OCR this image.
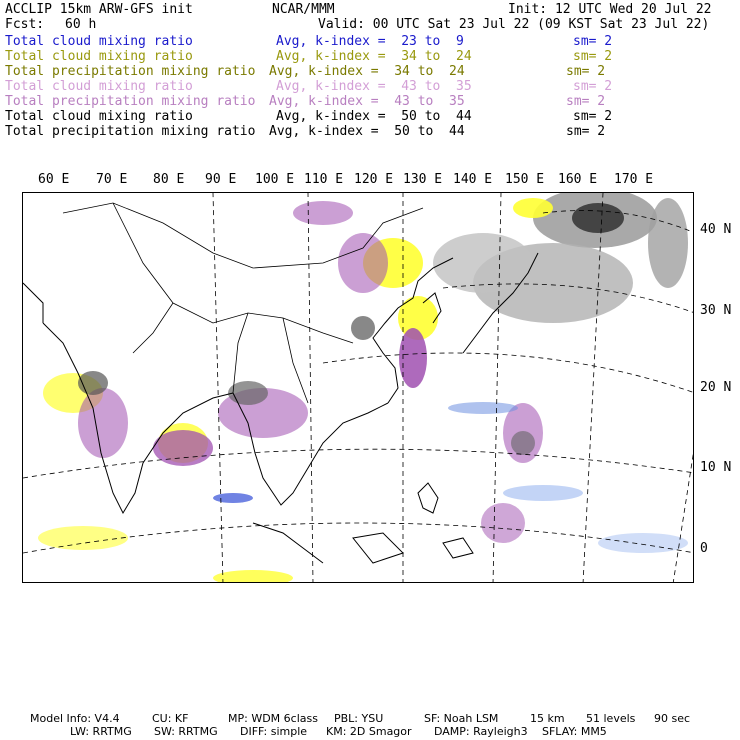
ACCLIP 15km ARW-GFS init	NCAR/MMM	Init: 12 UTC Wed 20 Jul 22
Fcst: 60 h	Valid: 00 UTC Sat 23 Jul 22 (09 KST Sat 23 Jul 22)
Total cloud mixing ratio	Avg, k-index =  23 to  9	sm= 2
Total cloud mixing ratio	Avg, k-index =  34 to  24	sm= 2
Total precipitation mixing ratio Avg, k-index =  34 to  24	sm= 2
Total cloud mixing ratio	Avg, k-index =  43 to  35	sm= 2
Total precipitation mixing ratio Avg, k-index =  43 to  35	sm= 2
Total cloud mixing ratio	Avg, k-index =  50 to  44	sm= 2
Total precipitation mixing ratio Avg, k-index =  50 to  44	sm= 2
60 E 70 E 80 E 90 E 100 E 110 E 120 E 130 E 140 E 150 E 160 E 170 E
40 N
30 N
20 N
10 N
0
Model Info: V4.4	CU: KF	MP: WDM 6class PBL: YSU	SF: Noah LSM	15 km 51 levels 90 sec
LW: RRTMG SW: RRTMG DIFF: simple KM: 2D Smagor DAMP: Rayleigh3 SFLAY: MM5
